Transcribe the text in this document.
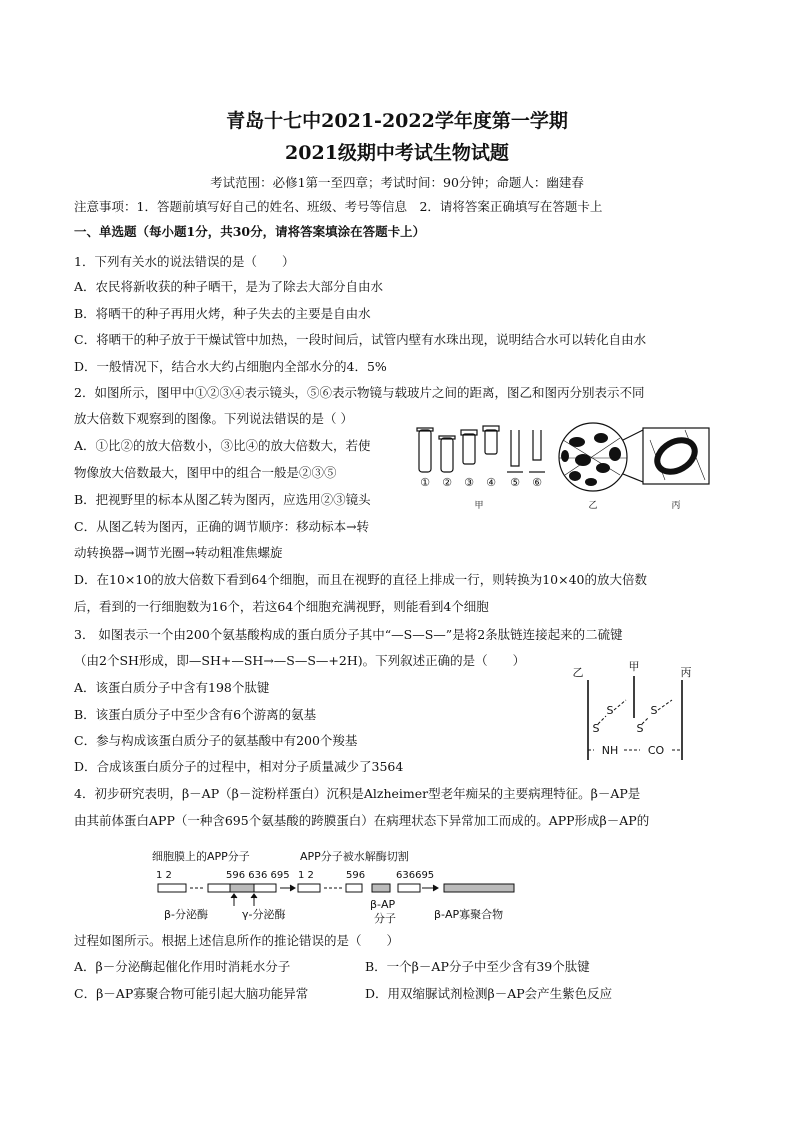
青岛十七中2021-2022学年度第一学期
2021级期中考试生物试题
考试范围：必修1第一至四章；考试时间：90分钟；命题人：幽建春
注意事项：1．答题前填写好自己的姓名、班级、考号等信息　2．请将答案正确填写在答题卡上
一、单选题（每小题1分，共30分，请将答案填涂在答题卡上）
1．下列有关水的说法错误的是（　　）
A．农民将新收获的种子晒干，是为了除去大部分自由水
B．将晒干的种子再用火烤，种子失去的主要是自由水
C．将晒干的种子放于干燥试管中加热，一段时间后，试管内壁有水珠出现，说明结合水可以转化自由水
D．一般情况下，结合水大约占细胞内全部水分的4．5%
2．如图所示，图甲中①②③④表示镜头，⑤⑥表示物镜与载玻片之间的距离，图乙和图丙分别表示不同
放大倍数下观察到的图像。下列说法错误的是（ ）
A．①比②的放大倍数小，③比④的放大倍数大，若使
物像放大倍数最大，图甲中的组合一般是②③⑤
B．把视野里的标本从图乙转为图丙，应选用②③镜头
C．从图乙转为图丙，正确的调节顺序：移动标本→转
动转换器→调节光圈→转动粗准焦螺旋
D．在10×10的放大倍数下看到64个细胞，而且在视野的直径上排成一行，则转换为10×40的放大倍数
后，看到的一行细胞数为16个，若这64个细胞充满视野，则能看到4个细胞
① ② ③ ④ ⑤ ⑥
甲	乙	丙
3． 如图表示一个由200个氨基酸构成的蛋白质分子其中“—S—S—”是将2条肽链连接起来的二硫键
（由2个SH形成，即—SH+—SH→—S—S—+2H)。下列叙述正确的是（　　）
A．该蛋白质分子中含有198个肽键
B．该蛋白质分子中至少含有6个游离的氨基
C．参与构成该蛋白质分子的氨基酸中有200个羧基
D．合成该蛋白质分子的过程中，相对分子质量减少了3564
乙	甲	丙
S
S
S
S
NH	CO
4．初步研究表明，β－AP（β－淀粉样蛋白）沉积是Alzheimer型老年痴呆的主要病理特征。β－AP是
由其前体蛋白APP（一种含695个氨基酸的跨膜蛋白）在病理状态下异常加工而成的。APP形成β－AP的
细胞膜上的APP分子	APP分子被水解酶切割
1 2	596 636 695 1 2	596	636695
β-分泌酶	γ-分泌酶
β-AP
分子	β-AP寡聚合物
过程如图所示。根据上述信息所作的推论错误的是（　　）
A．β－分泌酶起催化作用时消耗水分子	B．一个β－AP分子中至少含有39个肽键
C．β－AP寡聚合物可能引起大脑功能异常	D．用双缩脲试剂检测β－AP会产生紫色反应
